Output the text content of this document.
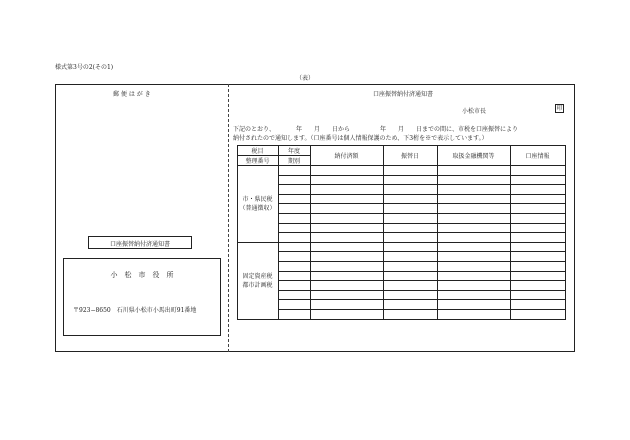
様式第3号の2(その1)
（表）
郵 便 は が き
口座振替納付済通知書
小　松　市　役　所
〒923−8650　石川県小松市小馬出町91番地
口座振替納付済通知書
小松市長	印
下記のとおり、　　　　年　　月　　日から　　　　　年　　月　　日までの間に、市税を口座振替により
納付されたので通知します。（口座番号は個人情報保護のため、下3桁を※で表示しています。）
税目	年度
整理番号	期別
納付済額	振替日	取扱金融機関等	口座情報
市・県民税
（普通徴収）
固定資産税
都市計画税
